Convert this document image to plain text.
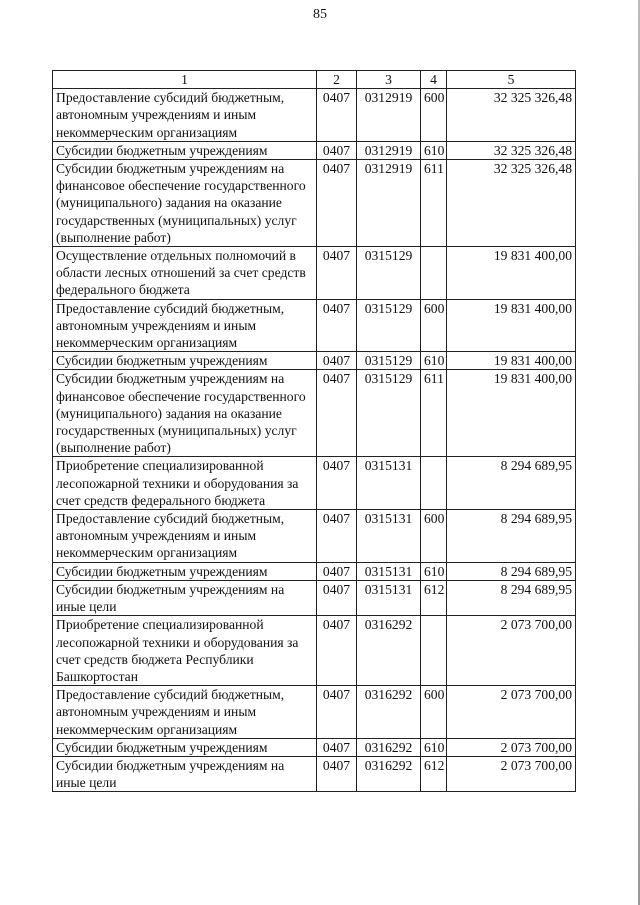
85
1	2	3	4	5
Предоставление субсидий бюджетным, автономным учреждениям и иным некоммерческим организациям	0407	0312919	600	32 325 326,48
Субсидии бюджетным учреждениям	0407	0312919	610	32 325 326,48
Субсидии бюджетным учреждениям на финансовое обеспечение государственного (муниципального) задания на оказание государственных (муниципальных) услуг (выполнение работ)	0407	0312919	611	32 325 326,48
Осуществление отдельных полномочий в области лесных отношений за счет средств федерального бюджета	0407	0315129		19 831 400,00
Предоставление субсидий бюджетным, автономным учреждениям и иным некоммерческим организациям	0407	0315129	600	19 831 400,00
Субсидии бюджетным учреждениям	0407	0315129	610	19 831 400,00
Субсидии бюджетным учреждениям на финансовое обеспечение государственного (муниципального) задания на оказание государственных (муниципальных) услуг (выполнение работ)	0407	0315129	611	19 831 400,00
Приобретение специализированной лесопожарной техники и оборудования за счет средств федерального бюджета	0407	0315131		8 294 689,95
Предоставление субсидий бюджетным, автономным учреждениям и иным некоммерческим организациям	0407	0315131	600	8 294 689,95
Субсидии бюджетным учреждениям	0407	0315131	610	8 294 689,95
Субсидии бюджетным учреждениям на иные цели	0407	0315131	612	8 294 689,95
Приобретение специализированной лесопожарной техники и оборудования за счет средств бюджета Республики Башкортостан	0407	0316292		2 073 700,00
Предоставление субсидий бюджетным, автономным учреждениям и иным некоммерческим организациям	0407	0316292	600	2 073 700,00
Субсидии бюджетным учреждениям	0407	0316292	610	2 073 700,00
Субсидии бюджетным учреждениям на иные цели	0407	0316292	612	2 073 700,00
